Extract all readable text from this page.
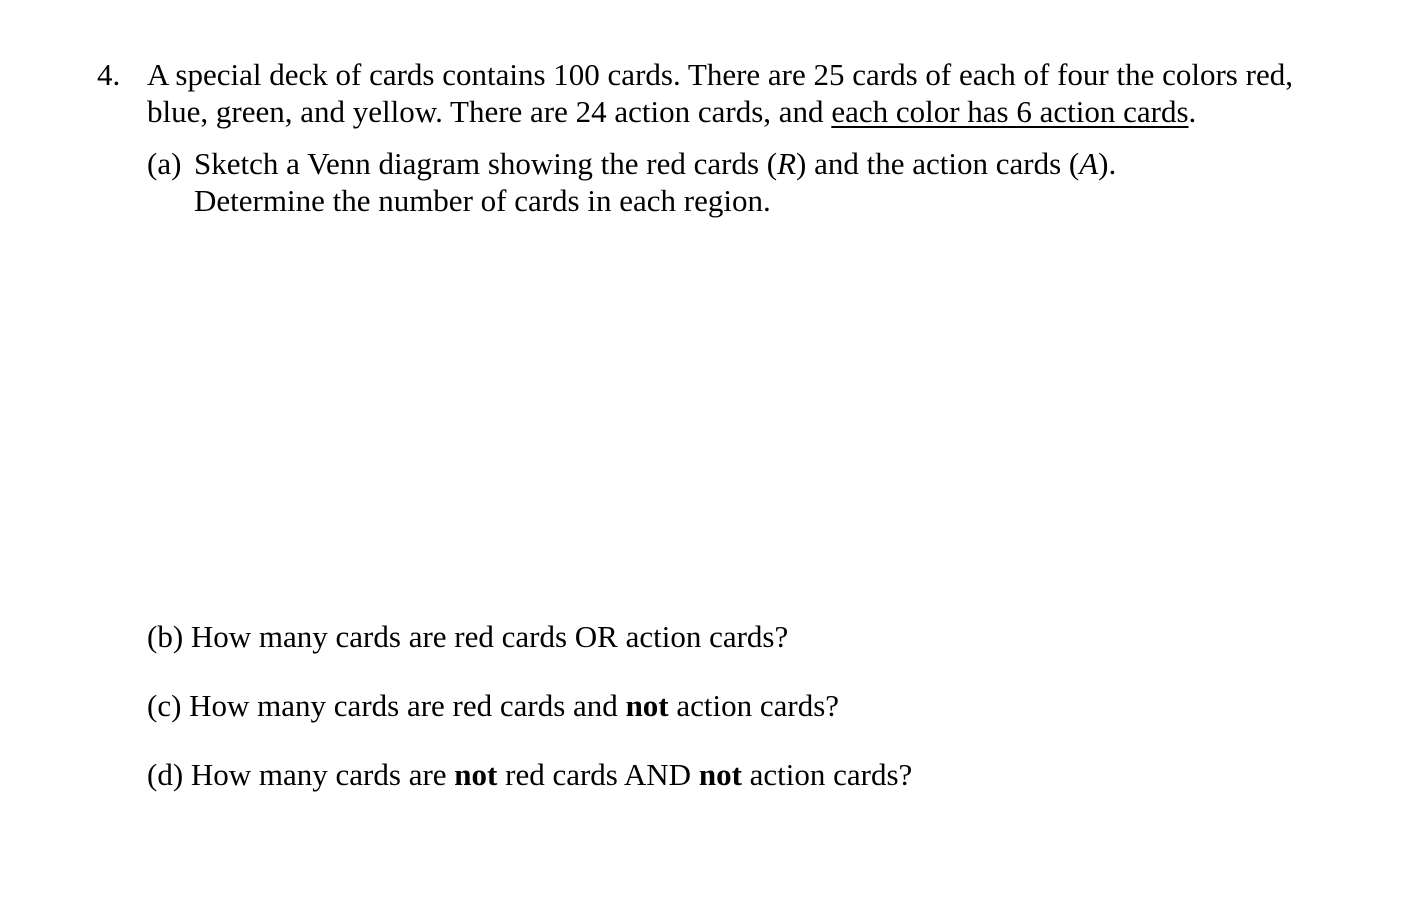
4. A special deck of cards contains 100 cards. There are 25 cards of each of four the colors red,
blue, green, and yellow. There are 24 action cards, and each color has 6 action cards.
(a) Sketch a Venn diagram showing the red cards (R) and the action cards (A).
Determine the number of cards in each region.
(b) How many cards are red cards OR action cards?
(c) How many cards are red cards and not action cards?
(d) How many cards are not red cards AND not action cards?
